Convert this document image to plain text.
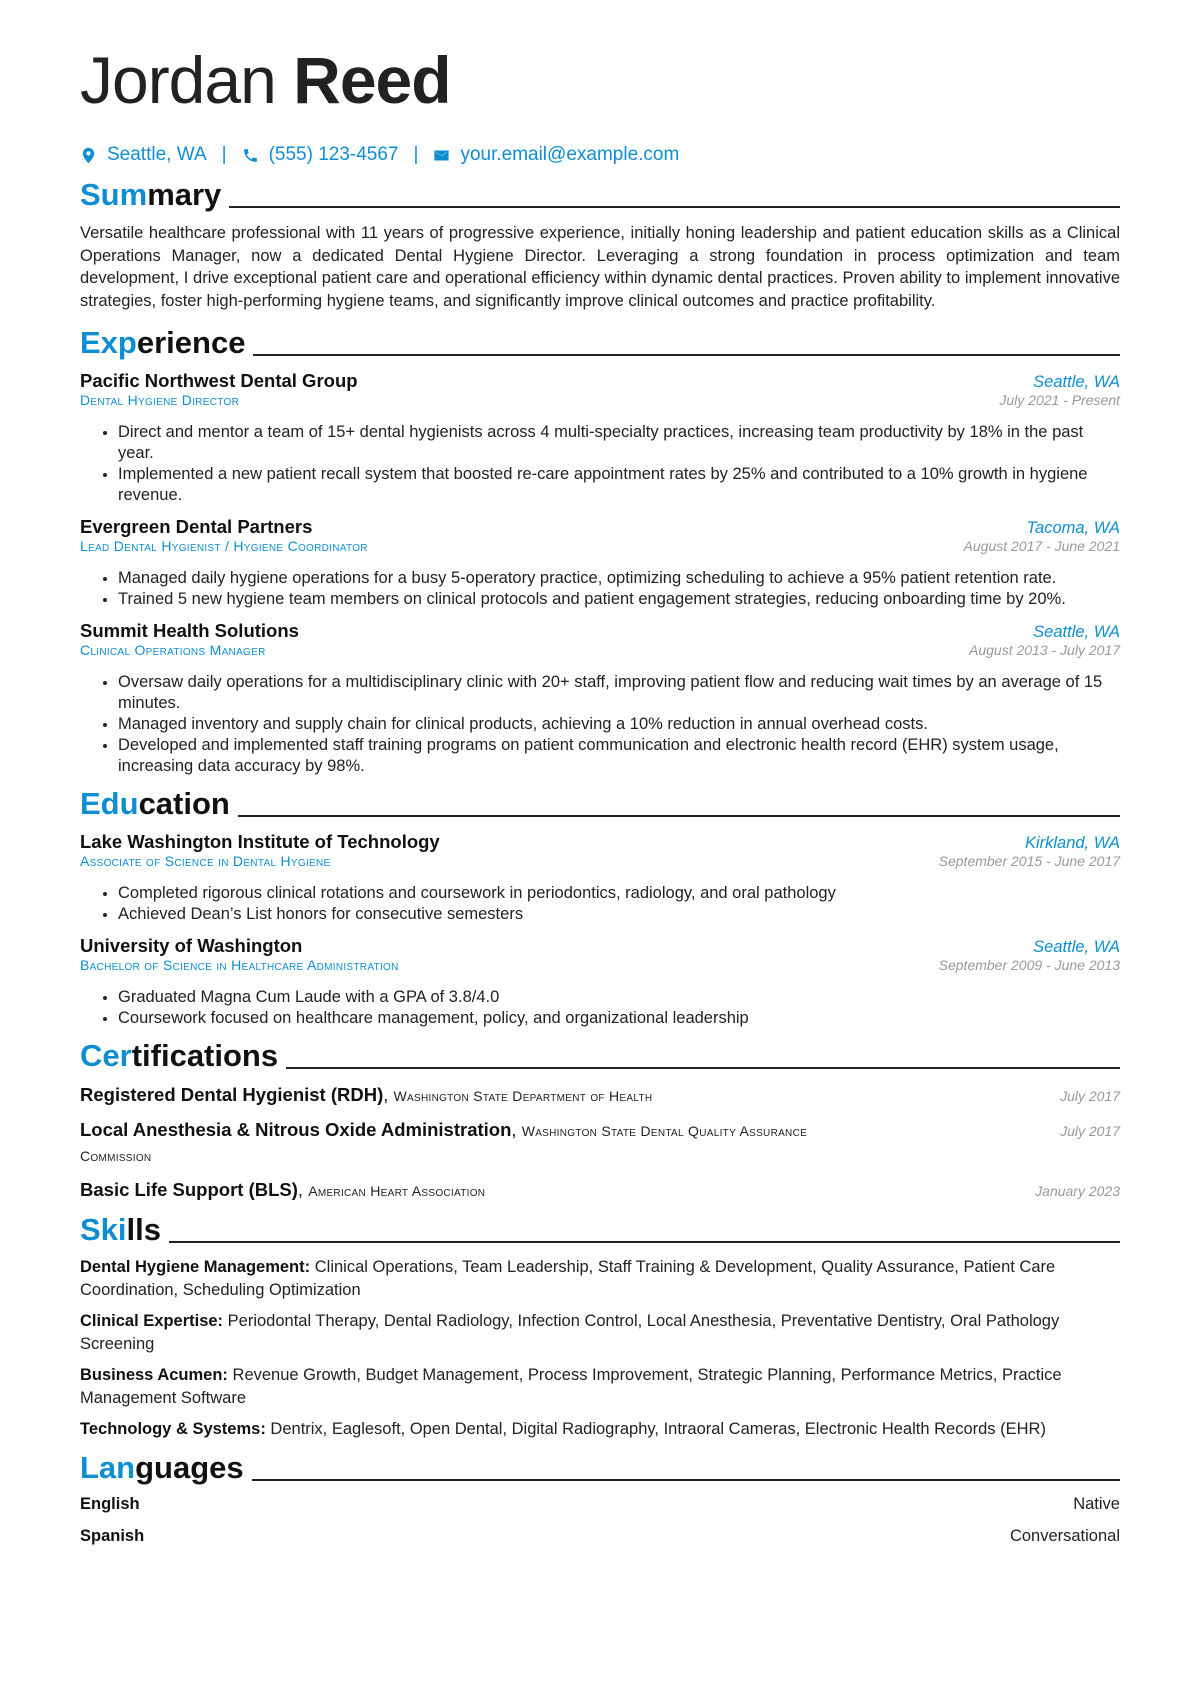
Jordan Reed
Seattle, WA | (555) 123-4567 | your.email@example.com
Summary
Versatile healthcare professional with 11 years of progressive experience, initially honing leadership and patient education skills as a Clinical Operations Manager, now a dedicated Dental Hygiene Director. Leveraging a strong foundation in process optimization and team development, I drive exceptional patient care and operational efficiency within dynamic dental practices. Proven ability to implement innovative strategies, foster high-performing hygiene teams, and significantly improve clinical outcomes and practice profitability.
Experience
Pacific Northwest Dental Group	Seattle, WA
Dental Hygiene Director	July 2021 - Present
• Direct and mentor a team of 15+ dental hygienists across 4 multi-specialty practices, increasing team productivity by 18% in the past year.
• Implemented a new patient recall system that boosted re-care appointment rates by 25% and contributed to a 10% growth in hygiene revenue.
Evergreen Dental Partners	Tacoma, WA
Lead Dental Hygienist / Hygiene Coordinator	August 2017 - June 2021
• Managed daily hygiene operations for a busy 5-operatory practice, optimizing scheduling to achieve a 95% patient retention rate.
• Trained 5 new hygiene team members on clinical protocols and patient engagement strategies, reducing onboarding time by 20%.
Summit Health Solutions	Seattle, WA
Clinical Operations Manager	August 2013 - July 2017
• Oversaw daily operations for a multidisciplinary clinic with 20+ staff, improving patient flow and reducing wait times by an average of 15 minutes.
• Managed inventory and supply chain for clinical products, achieving a 10% reduction in annual overhead costs.
• Developed and implemented staff training programs on patient communication and electronic health record (EHR) system usage, increasing data accuracy by 98%.
Education
Lake Washington Institute of Technology	Kirkland, WA
Associate of Science in Dental Hygiene	September 2015 - June 2017
• Completed rigorous clinical rotations and coursework in periodontics, radiology, and oral pathology
• Achieved Dean’s List honors for consecutive semesters
University of Washington	Seattle, WA
Bachelor of Science in Healthcare Administration	September 2009 - June 2013
• Graduated Magna Cum Laude with a GPA of 3.8/4.0
• Coursework focused on healthcare management, policy, and organizational leadership
Certifications
Registered Dental Hygienist (RDH), Washington State Department of Health	July 2017
Local Anesthesia & Nitrous Oxide Administration, Washington State Dental Quality Assurance Commission
July 2017
Basic Life Support (BLS), American Heart Association	January 2023
Skills
Dental Hygiene Management: Clinical Operations, Team Leadership, Staff Training & Development, Quality Assurance, Patient Care Coordination, Scheduling Optimization
Clinical Expertise: Periodontal Therapy, Dental Radiology, Infection Control, Local Anesthesia, Preventative Dentistry, Oral Pathology Screening
Business Acumen: Revenue Growth, Budget Management, Process Improvement, Strategic Planning, Performance Metrics, Practice Management Software
Technology & Systems: Dentrix, Eaglesoft, Open Dental, Digital Radiography, Intraoral Cameras, Electronic Health Records (EHR)
Languages
English	Native
Spanish	Conversational
